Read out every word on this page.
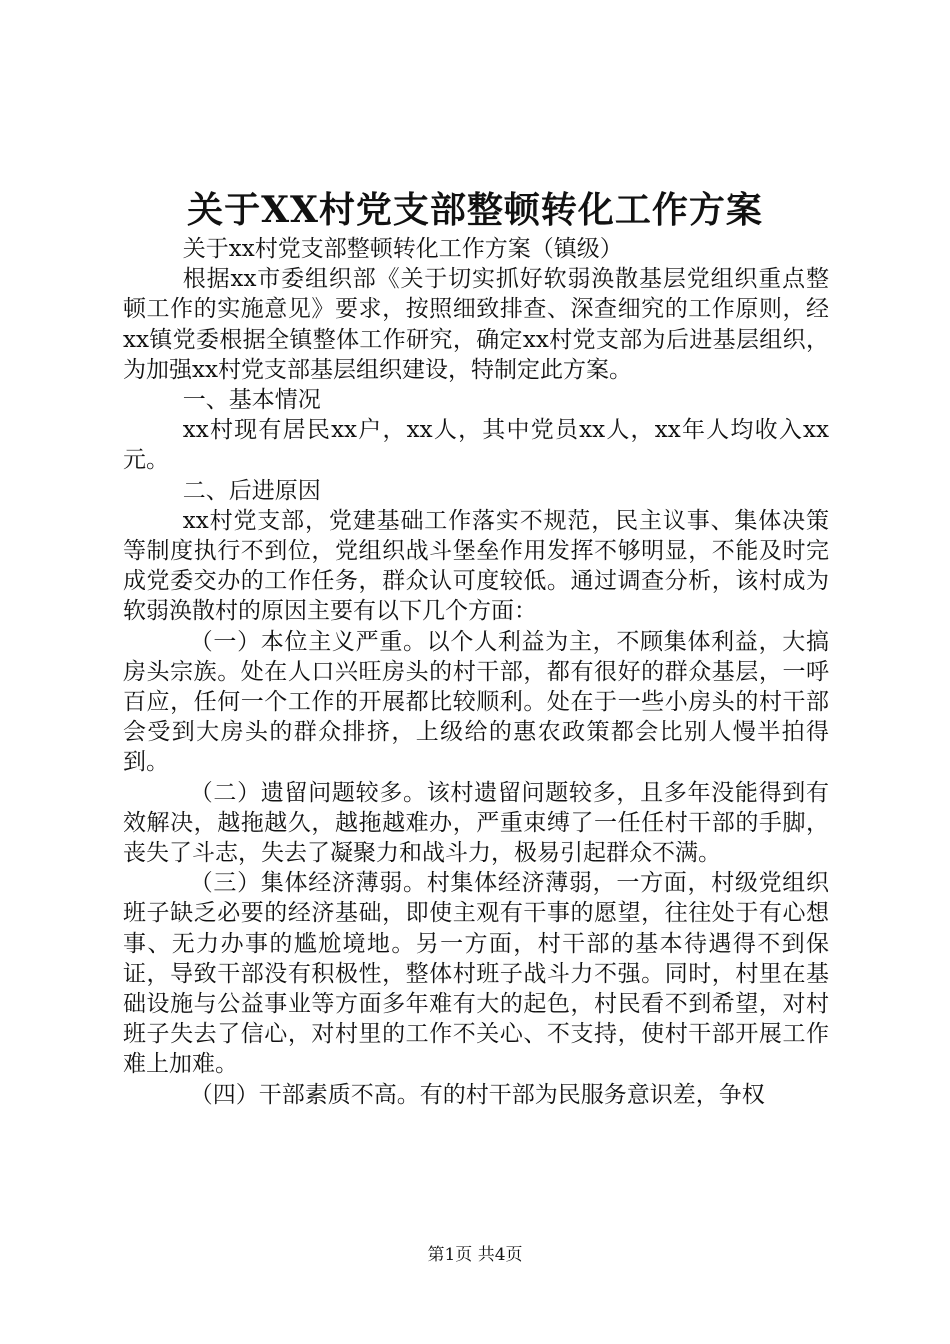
关于XX村党支部整顿转化工作方案

关于xx村党支部整顿转化工作方案（镇级）

根据xx市委组织部《关于切实抓好软弱涣散基层党组织重点整顿工作的实施意见》要求，按照细致排查、深查细究的工作原则，经xx镇党委根据全镇整体工作研究，确定xx村党支部为后进基层组织，为加强xx村党支部基层组织建设，特制定此方案。

一、基本情况

xx村现有居民xx户，xx人，其中党员xx人，xx年人均收入xx元。

二、后进原因

xx村党支部，党建基础工作落实不规范，民主议事、集体决策等制度执行不到位，党组织战斗堡垒作用发挥不够明显，不能及时完成党委交办的工作任务，群众认可度较低。通过调查分析，该村成为软弱涣散村的原因主要有以下几个方面：

（一）本位主义严重。以个人利益为主，不顾集体利益，大搞房头宗族。处在人口兴旺房头的村干部，都有很好的群众基层，一呼百应，任何一个工作的开展都比较顺利。处在于一些小房头的村干部会受到大房头的群众排挤，上级给的惠农政策都会比别人慢半拍得到。

（二）遗留问题较多。该村遗留问题较多，且多年没能得到有效解决，越拖越久，越拖越难办，严重束缚了一任任村干部的手脚，丧失了斗志，失去了凝聚力和战斗力，极易引起群众不满。

（三）集体经济薄弱。村集体经济薄弱，一方面，村级党组织班子缺乏必要的经济基础，即使主观有干事的愿望，往往处于有心想事、无力办事的尴尬境地。另一方面，村干部的基本待遇得不到保证，导致干部没有积极性，整体村班子战斗力不强。同时，村里在基础设施与公益事业等方面多年难有大的起色，村民看不到希望，对村班子失去了信心，对村里的工作不关心、不支持，使村干部开展工作难上加难。

（四）干部素质不高。有的村干部为民服务意识差，争权

第1页 共4页
